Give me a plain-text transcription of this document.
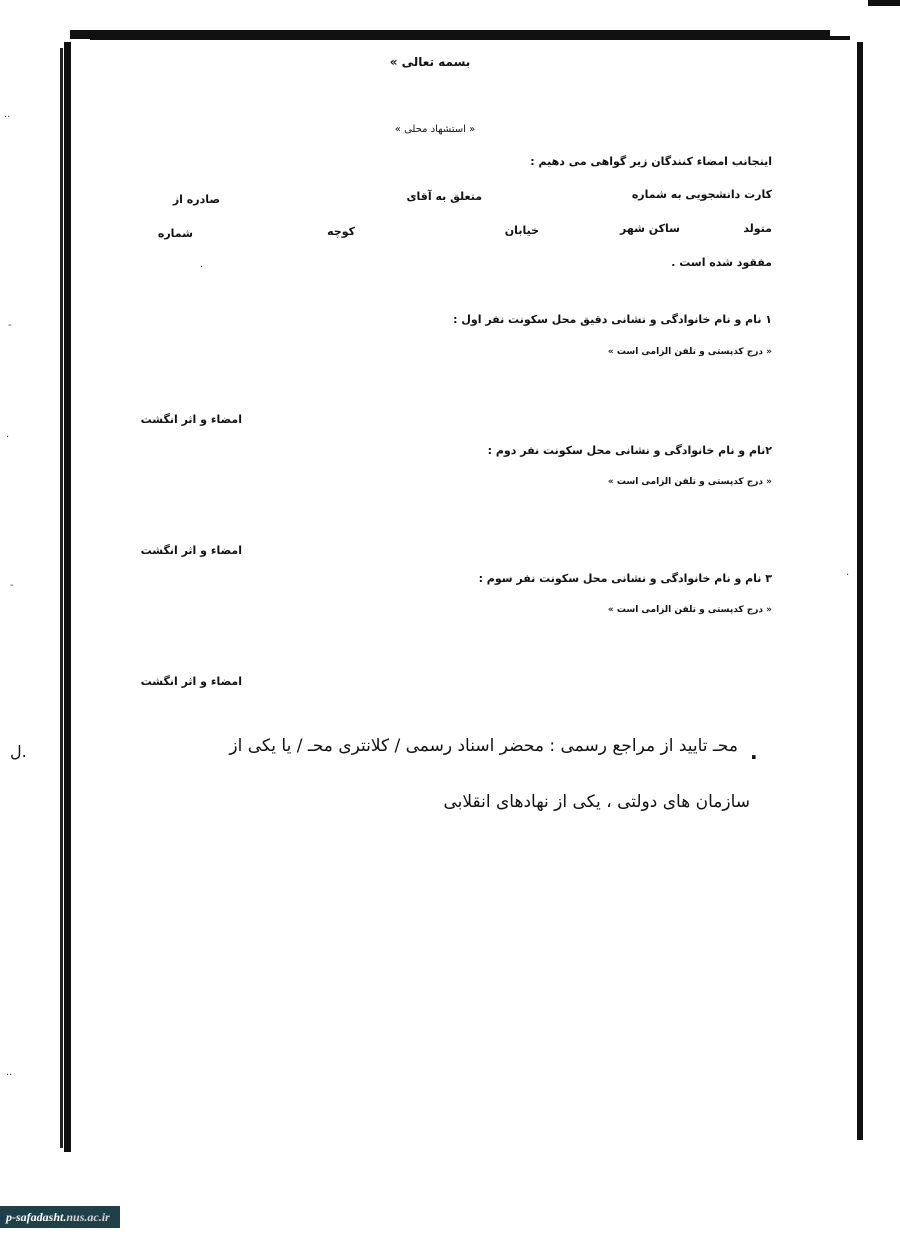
··
-
·
-
··
·
·
بسمه تعالی »
« استشهاد محلی »
اینجانب امضاء کنندگان زیر گواهی می دهیم :
کارت دانشجویی به شماره
متعلق به آقای
صادره از
متولد
ساکن شهر
خیابان
کوچه
شماره
مفقود شده است .
۱ نام و نام خانوادگی و نشانی دقیق محل سکونت نفر اول :
« درج کدپستی و تلفن الزامی است »
امضاء و اثر انگشت
۲نام و نام خانوادگی و نشانی محل سکونت نفر دوم :
« درج کدپستی و تلفن الزامی است »
امضاء و اثر انگشت
۳ نام و نام خانوادگی و نشانی محل سکونت نفر سوم :
« درج کدپستی و تلفن الزامی است »
امضاء و اثر انگشت
.
محـ تایید از مراجع رسمی : محضر اسناد رسمی / کلانتری محـ / یا یکی از
سازمان های دولتی ، یکی از نهادهای انقلابی
ل.
p-safadasht.nus.ac.ir
